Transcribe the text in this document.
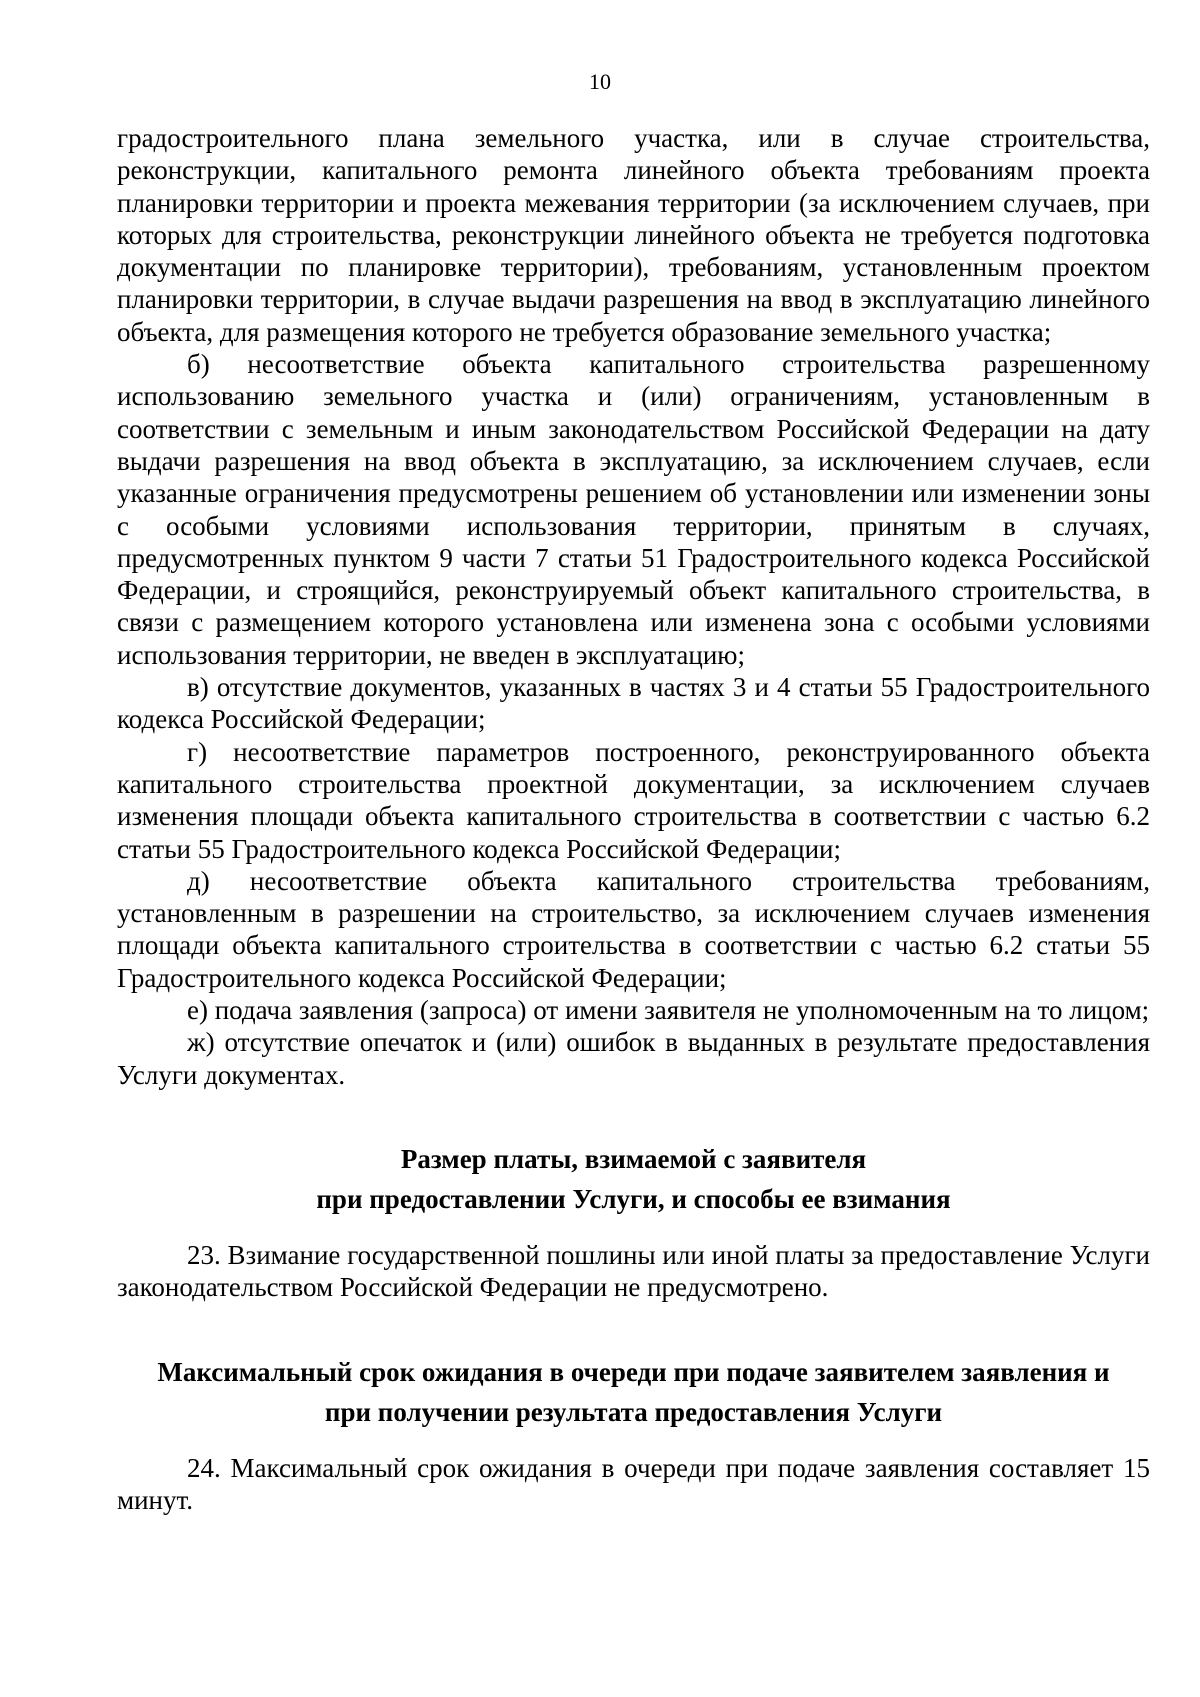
10

градостроительного плана земельного участка, или в случае строительства, реконструкции, капитального ремонта линейного объекта требованиям проекта планировки территории и проекта межевания территории (за исключением случаев, при которых для строительства, реконструкции линейного объекта не требуется подготовка документации по планировке территории), требованиям, установленным проектом планировки территории, в случае выдачи разрешения на ввод в эксплуатацию линейного объекта, для размещения которого не требуется образование земельного участка;

б) несоответствие объекта капитального строительства разрешенному использованию земельного участка и (или) ограничениям, установленным в соответствии с земельным и иным законодательством Российской Федерации на дату выдачи разрешения на ввод объекта в эксплуатацию, за исключением случаев, если указанные ограничения предусмотрены решением об установлении или изменении зоны с особыми условиями использования территории, принятым в случаях, предусмотренных пунктом 9 части 7 статьи 51 Градостроительного кодекса Российской Федерации, и строящийся, реконструируемый объект капитального строительства, в связи с размещением которого установлена или изменена зона с особыми условиями использования территории, не введен в эксплуатацию;

в) отсутствие документов, указанных в частях 3 и 4 статьи 55 Градостроительного кодекса Российской Федерации;

г) несоответствие параметров построенного, реконструированного объекта капитального строительства проектной документации, за исключением случаев изменения площади объекта капитального строительства в соответствии с частью 6.2 статьи 55 Градостроительного кодекса Российской Федерации;

д) несоответствие объекта капитального строительства требованиям, установленным в разрешении на строительство, за исключением случаев изменения площади объекта капитального строительства в соответствии с частью 6.2 статьи 55 Градостроительного кодекса Российской Федерации;

е) подача заявления (запроса) от имени заявителя не уполномоченным на то лицом;

ж) отсутствие опечаток и (или) ошибок в выданных в результате предоставления Услуги документах.

Размер платы, взимаемой с заявителя
при предоставлении Услуги, и способы ее взимания

23. Взимание государственной пошлины или иной платы за предоставление Услуги законодательством Российской Федерации не предусмотрено.

Максимальный срок ожидания в очереди при подаче заявителем заявления и
при получении результата предоставления Услуги

24. Максимальный срок ожидания в очереди при подаче заявления составляет 15 минут.
